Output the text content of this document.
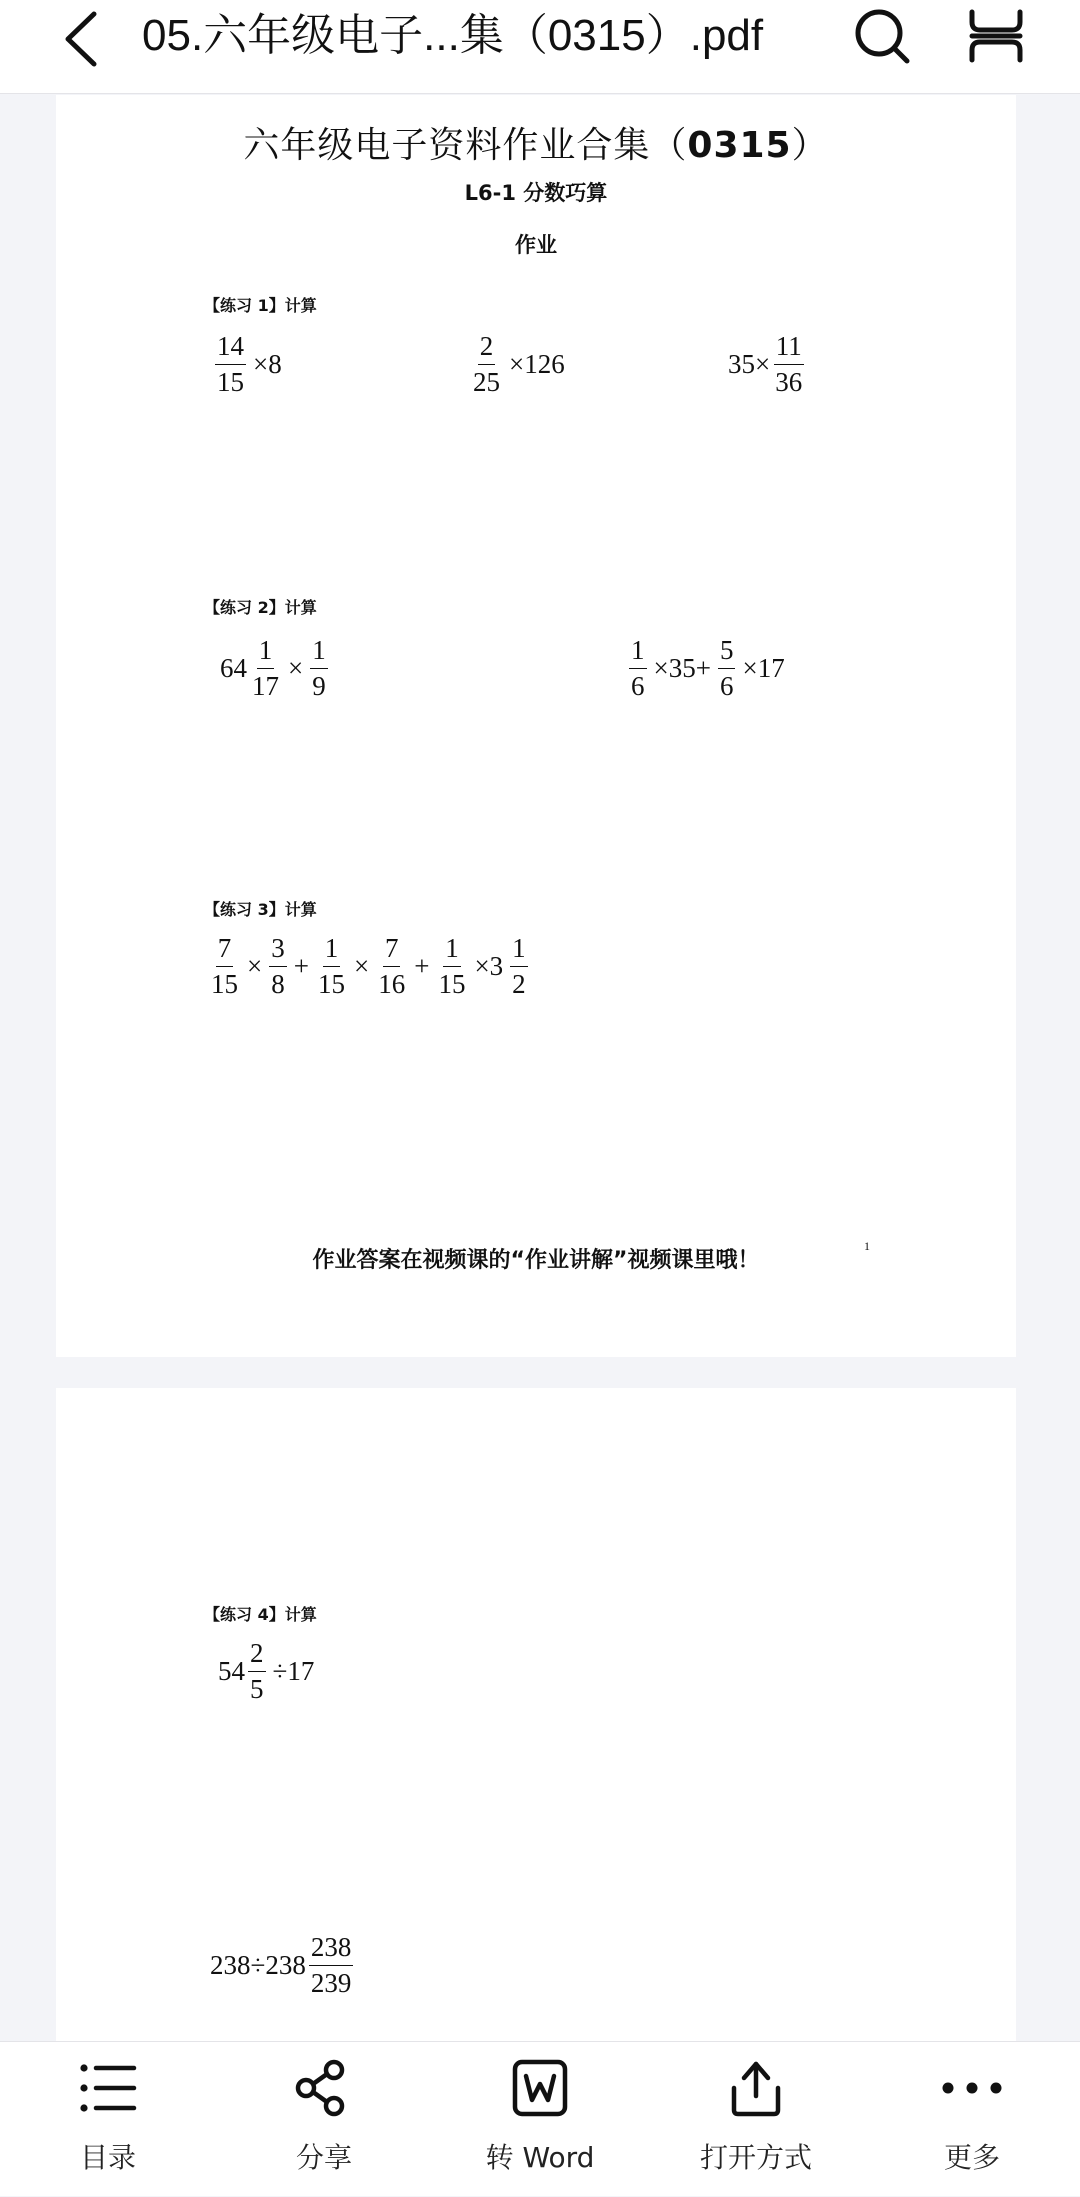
05.六年级电子...集（0315）.pdf
六年级电子资料作业合集（0315）
L6-1 分数巧算
作业
【练习 1】计算
$\frac{14}{15} \times 8$	$\frac{2}{25} \times 126$	$35\times \frac{11}{36}$
【练习 2】计算
$64 \frac{1}{17} \times \frac{1}{9}$	$\frac{1}{6} \times 35+ \frac{5}{6} \times 17$
【练习 3】计算
$\frac{7}{15} \times \frac{3}{8} + \frac{1}{15} \times \frac{7}{16} + \frac{1}{15} \times 3 \frac{1}{2}$
作业答案在视频课的“作业讲解”视频课里哦！
1
【练习 4】计算
$54 \frac{2}{5} \div 17$
$238\div 238 \frac{238}{239}$
目录	分享	转 Word	打开方式	更多
